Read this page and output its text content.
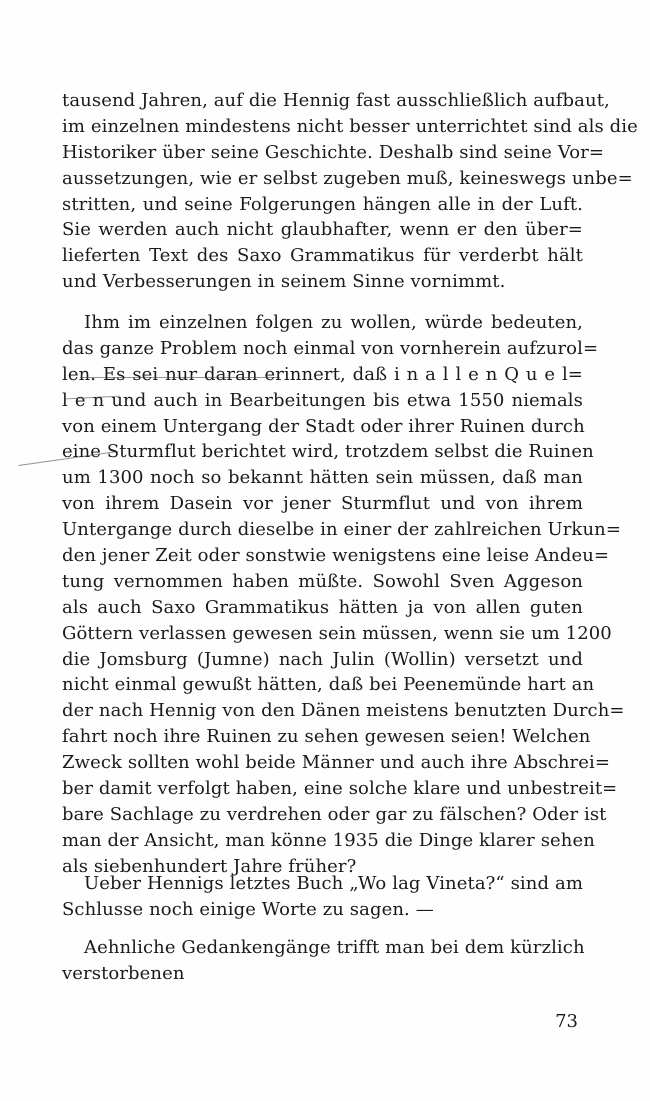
tausend Jahren, auf die Hennig fast ausschließlich aufbaut,
im einzelnen mindestens nicht besser unterrichtet sind als die
Historiker über seine Geschichte. Deshalb sind seine Vor=
aussetzungen, wie er selbst zugeben muß, keineswegs unbe=
stritten, und seine Folgerungen hängen alle in der Luft.
Sie werden auch nicht glaubhafter, wenn er den über=
lieferten Text des Saxo Grammatikus für verderbt hält
und Verbesserungen in seinem Sinne vornimmt.
Ihm im einzelnen folgen zu wollen, würde bedeuten,
das ganze Problem noch einmal von vornherein aufzurol=
len. Es sei nur daran erinnert, daß i n a l l e n Q u e l=
l e n und auch in Bearbeitungen bis etwa 1550 niemals
von einem Untergang der Stadt oder ihrer Ruinen durch
eine Sturmflut berichtet wird, trotzdem selbst die Ruinen
um 1300 noch so bekannt hätten sein müssen, daß man
von ihrem Dasein vor jener Sturmflut und von ihrem
Untergange durch dieselbe in einer der zahlreichen Urkun=
den jener Zeit oder sonstwie wenigstens eine leise Andeu=
tung vernommen haben müßte. Sowohl Sven Aggeson
als auch Saxo Grammatikus hätten ja von allen guten
Göttern verlassen gewesen sein müssen, wenn sie um 1200
die Jomsburg (Jumne) nach Julin (Wollin) versetzt und
nicht einmal gewußt hätten, daß bei Peenemünde hart an
der nach Hennig von den Dänen meistens benutzten Durch=
fahrt noch ihre Ruinen zu sehen gewesen seien! Welchen
Zweck sollten wohl beide Männer und auch ihre Abschrei=
ber damit verfolgt haben, eine solche klare und unbestreit=
bare Sachlage zu verdrehen oder gar zu fälschen? Oder ist
man der Ansicht, man könne 1935 die Dinge klarer sehen
als siebenhundert Jahre früher?
Ueber Hennigs letztes Buch „Wo lag Vineta?“ sind am
Schlusse noch einige Worte zu sagen. —
Aehnliche Gedankengänge trifft man bei dem kürzlich
verstorbenen
73
